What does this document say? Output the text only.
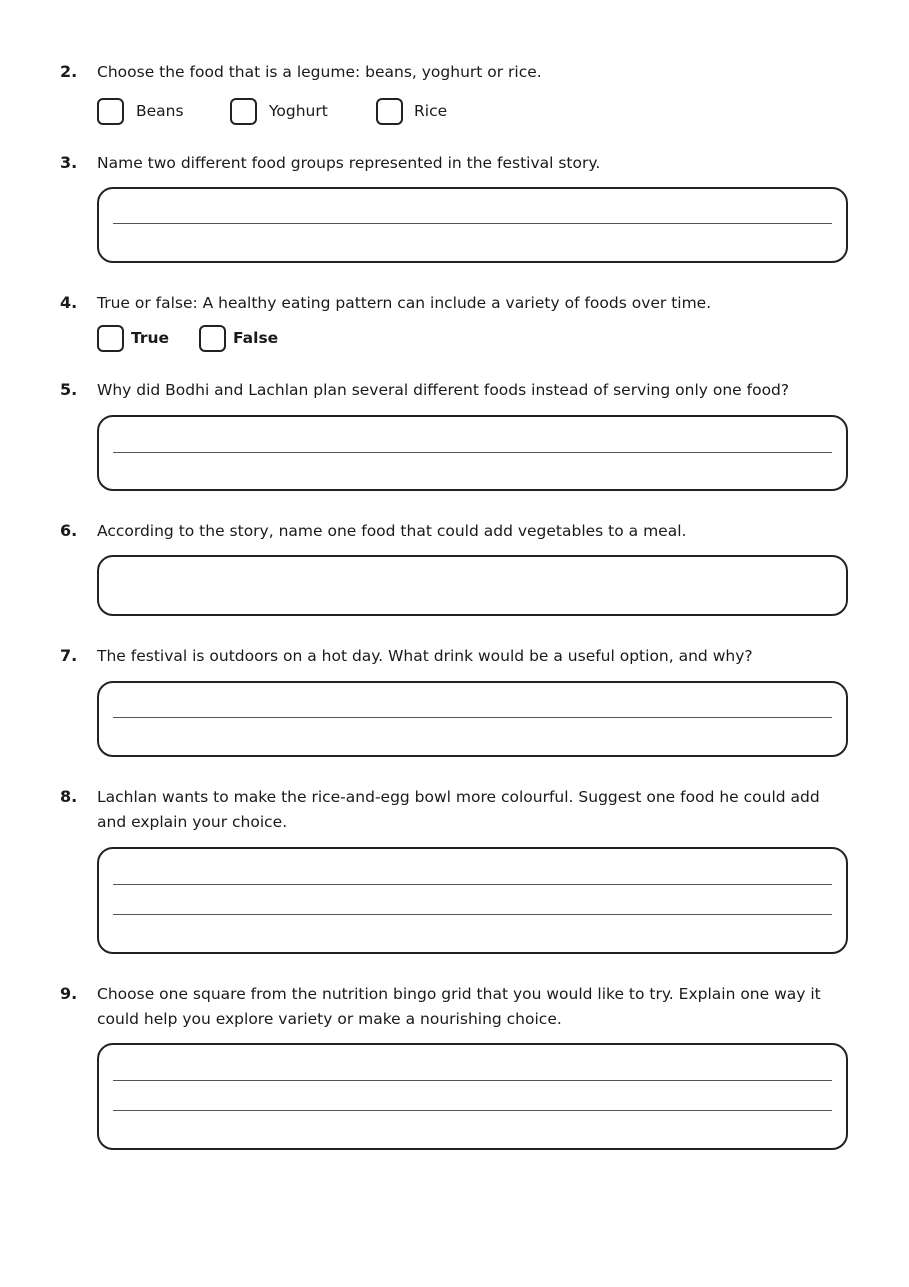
2. Choose the food that is a legume: beans, yoghurt or rice.
Beans	Yoghurt	Rice
3. Name two different food groups represented in the festival story.
4. True or false: A healthy eating pattern can include a variety of foods over time.
True	False
5. Why did Bodhi and Lachlan plan several different foods instead of serving only one food?
6. According to the story, name one food that could add vegetables to a meal.
7. The festival is outdoors on a hot day. What drink would be a useful option, and why?
8. Lachlan wants to make the rice-and-egg bowl more colourful. Suggest one food he could add and explain your choice.
9. Choose one square from the nutrition bingo grid that you would like to try. Explain one way it could help you explore variety or make a nourishing choice.
